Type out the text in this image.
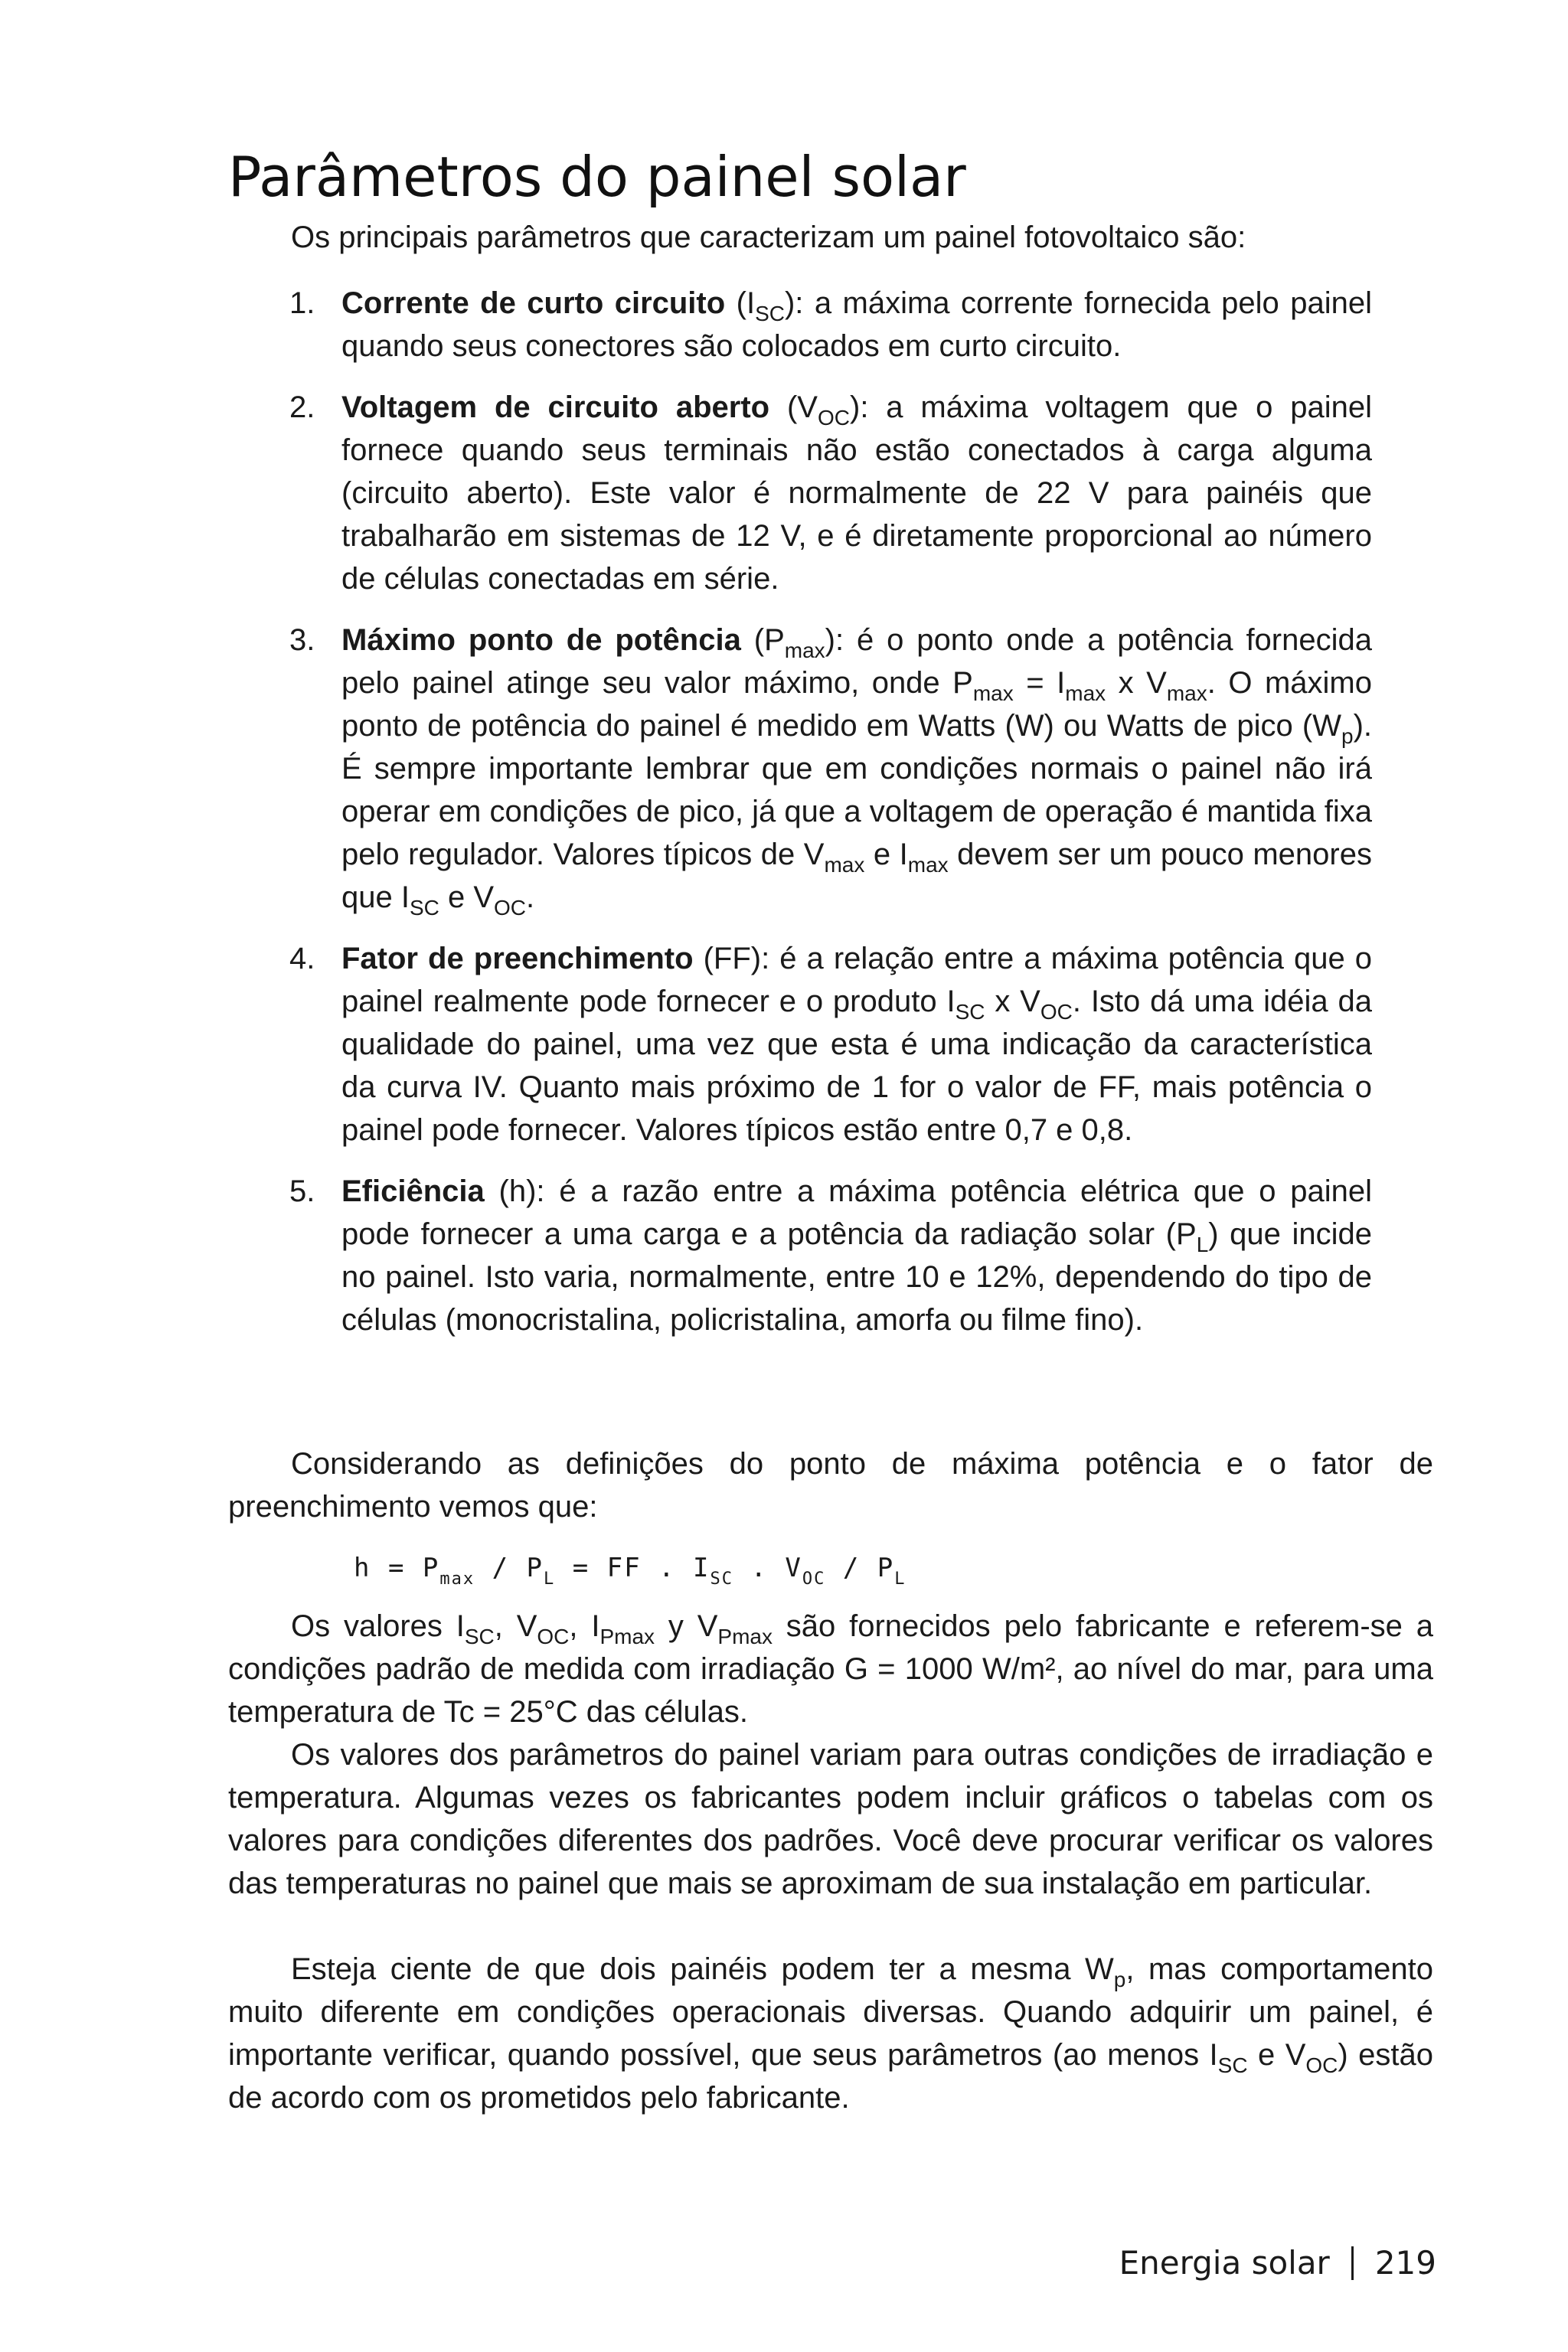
Parâmetros do painel solar

Os principais parâmetros que caracterizam um painel fotovoltaico são:

1. Corrente de curto circuito $(I_{SC})$: a máxima corrente fornecida pelo painel quando seus conectores são colocados em curto circuito.
2. Voltagem de circuito aberto $(V_{OC})$: a máxima voltagem que o painel fornece quando seus terminais não estão conectados à carga alguma (circuito aberto). Este valor é normalmente de 22 V para painéis que trabalharão em sistemas de 12 V, e é diretamente proporcional ao número de células conectadas em série.
3. Máximo ponto de potência $(P_{max})$: é o ponto onde a potência fornecida pelo painel atinge seu valor máximo, onde $P_{max} = I_{max}$ x $V_{max}$. O máximo ponto de potência do painel é medido em Watts (W) ou Watts de pico $(W_p)$. É sempre importante lembrar que em condições normais o painel não irá operar em condições de pico, já que a voltagem de operação é mantida fixa pelo regulador. Valores típicos de $V_{max}$ e $I_{max}$ devem ser um pouco menores que $I_{SC}$ e $V_{OC}$.
4. Fator de preenchimento (FF): é a relação entre a máxima potência que o painel realmente pode fornecer e o produto $I_{SC}$ x $V_{OC}$. Isto dá uma idéia da qualidade do painel, uma vez que esta é uma indicação da característica da curva IV. Quanto mais próximo de 1 for o valor de FF, mais potência o painel pode fornecer. Valores típicos estão entre 0,7 e 0,8.
5. Eficiência (h): é a razão entre a máxima potência elétrica que o painel pode fornecer a uma carga e a potência da radiação solar $(P_L)$ que incide no painel. Isto varia, normalmente, entre 10 e 12%, dependendo do tipo de células (monocristalina, policristalina, amorfa ou filme fino).

Considerando as definições do ponto de máxima potência e o fator de preenchimento vemos que:

$h = P_{max} / P_L$ = FF . $I_{SC}$ . $V_{OC} / P_L$

Os valores $I_{SC}$, $V_{OC}$, $I_{Pmax}$ y $V_{Pmax}$ são fornecidos pelo fabricante e referem-se a condições padrão de medida com irradiação G = 1000 W/m², ao nível do mar, para uma temperatura de Tc = 25°C das células.

Os valores dos parâmetros do painel variam para outras condições de irradiação e temperatura. Algumas vezes os fabricantes podem incluir gráficos o tabelas com os valores para condições diferentes dos padrões. Você deve procurar verificar os valores das temperaturas no painel que mais se aproximam de sua instalação em particular.

Esteja ciente de que dois painéis podem ter a mesma $W_p$, mas comportamento muito diferente em condições operacionais diversas. Quando adquirir um painel, é importante verificar, quando possível, que seus parâmetros (ao menos $I_{SC}$ e $V_{OC}$) estão de acordo com os prometidos pelo fabricante.

Energia solar 219
